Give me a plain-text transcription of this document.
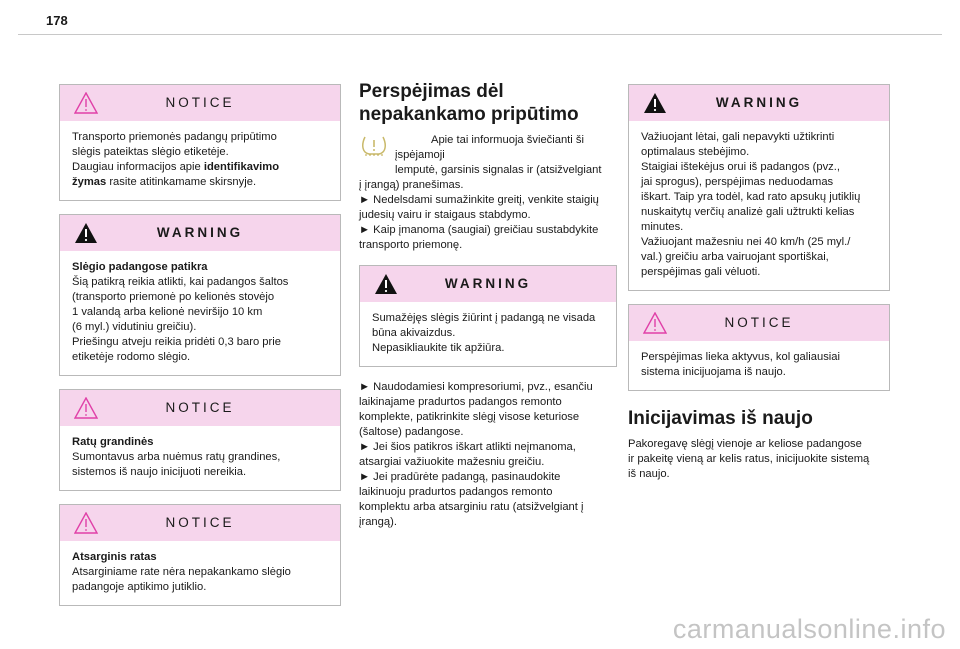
178
NOTICE

Transporto priemonės padangų pripūtimo

slėgis pateiktas slėgio etiketėje.

Daugiau informacijos apie identifikavimo

žymas rasite atitinkamame skirsnyje.

WARNING

Slėgio padangose patikra

Šią patikrą reikia atlikti, kai padangos šaltos

(transporto priemonė po kelionės stovėjo

1 valandą arba kelionė neviršijo 10 km

(6 myl.) vidutiniu greičiu).

Priešingu atveju reikia pridėti 0,3 baro prie

etiketėje rodomo slėgio.

NOTICE

Ratų grandinės

Sumontavus arba nuėmus ratų grandines,

sistemos iš naujo inicijuoti nereikia.

NOTICE

Atsarginis ratas

Atsarginiame rate nėra nepakankamo slėgio

padangoje aptikimo jutiklio.

Perspėjimas dėl
nepakankamo pripūtimo

Apie tai informuoja šviečianti ši įspėjamoji

lemputė, garsinis signalas ir (atsižvelgiant

į įrangą) pranešimas.

► Nedelsdami sumažinkite greitį, venkite staigių

judesių vairu ir staigaus stabdymo.

► Kaip įmanoma (saugiai) greičiau sustabdykite

transporto priemonę.

WARNING

Sumažėjęs slėgis žiūrint į padangą ne visada

būna akivaizdus.

Nepasikliaukite tik apžiūra.

► Naudodamiesi kompresoriumi, pvz., esančiu

laikinajame pradurtos padangos remonto

komplekte, patikrinkite slėgį visose keturiose

(šaltose) padangose.

► Jei šios patikros iškart atlikti neįmanoma,

atsargiai važiuokite mažesniu greičiu.

► Jei pradūrėte padangą, pasinaudokite

laikinuoju pradurtos padangos remonto

komplektu arba atsarginiu ratu (atsižvelgiant į

įrangą).

WARNING

Važiuojant lėtai, gali nepavykti užtikrinti

optimalaus stebėjimo.

Staigiai ištekėjus orui iš padangos (pvz.,

jai sprogus), perspėjimas neduodamas

iškart. Taip yra todėl, kad rato apsukų jutiklių

nuskaitytų verčių analizė gali užtrukti kelias

minutes.

Važiuojant mažesniu nei 40 km/h (25 myl./

val.) greičiu arba vairuojant sportiškai,

perspėjimas gali vėluoti.

NOTICE

Perspėjimas lieka aktyvus, kol galiausiai

sistema inicijuojama iš naujo.

Inicijavimas iš naujo

Pakoregavę slėgį vienoje ar keliose padangose

ir pakeitę vieną ar kelis ratus, inicijuokite sistemą

iš naujo.

carmanualsonline.info
